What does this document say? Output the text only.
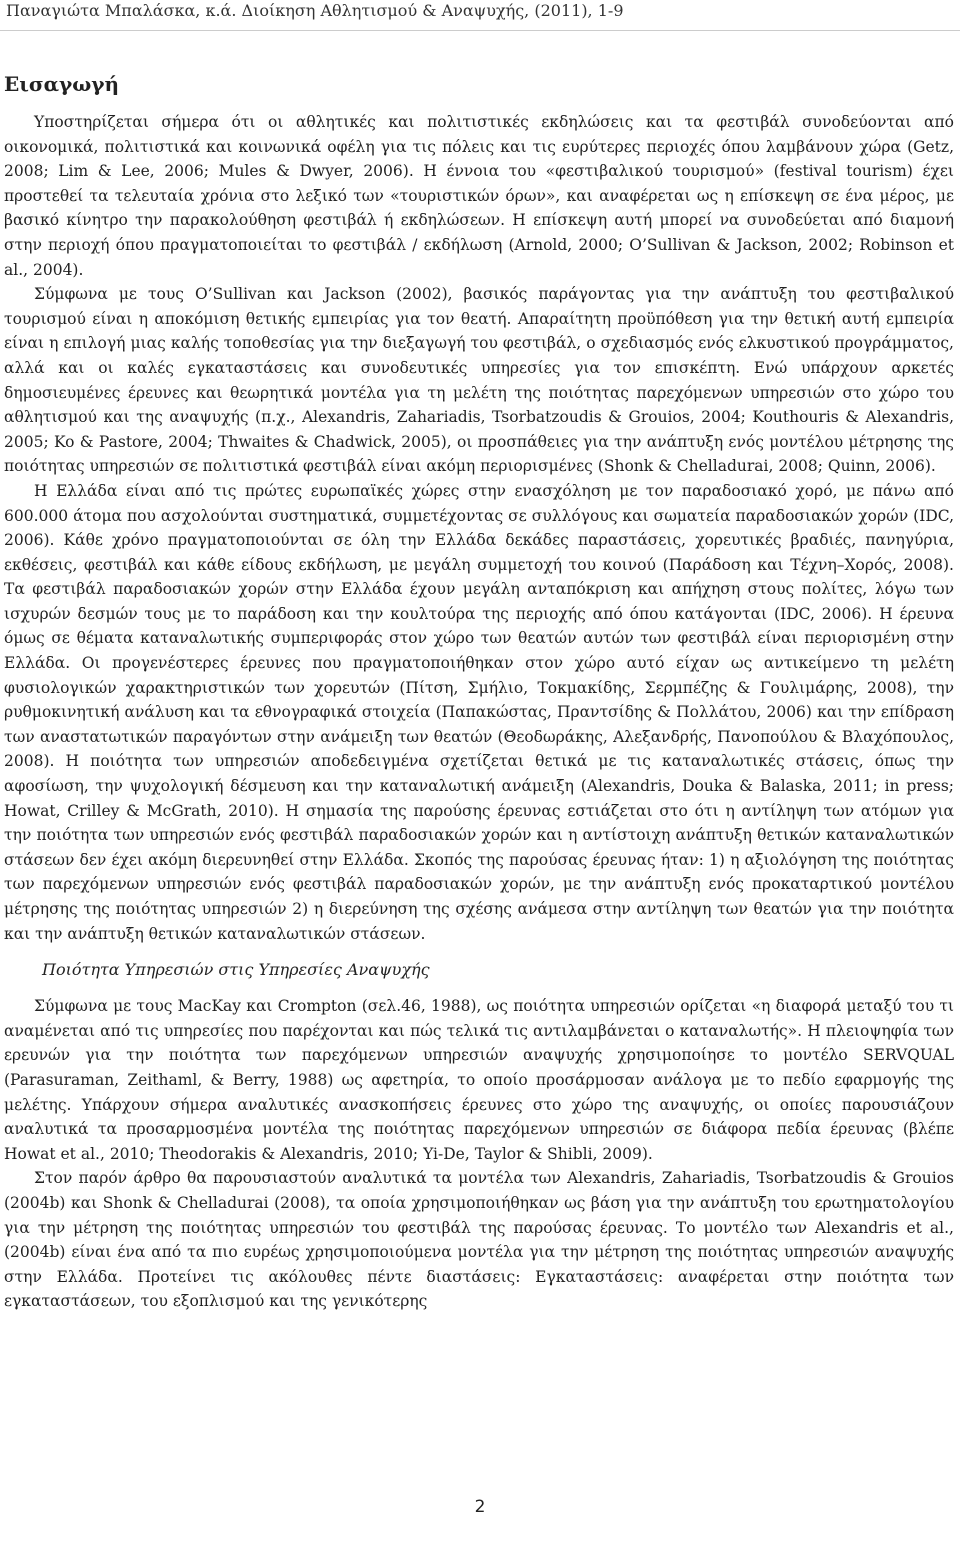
Παναγιώτα Μπαλάσκα, κ.ά. Διοίκηση Αθλητισμού & Αναψυχής, (2011), 1-9
Εισαγωγή

Υποστηρίζεται σήμερα ότι οι αθλητικές και πολιτιστικές εκδηλώσεις και τα φεστιβάλ συνοδεύονται από οικονομικά, πολιτιστικά και κοινωνικά οφέλη για τις πόλεις και τις ευρύτερες περιοχές όπου λαμβάνουν χώρα (Getz, 2008; Lim & Lee, 2006; Mules & Dwyer, 2006). Η έννοια του «φεστιβαλικού τουρισμού» (festival tourism) έχει προστεθεί τα τελευταία χρόνια στο λεξικό των «τουριστικών όρων», και αναφέρεται ως η επίσκεψη σε ένα μέρος, με βασικό κίνητρο την παρακολούθηση φεστιβάλ ή εκδηλώσεων. Η επίσκεψη αυτή μπορεί να συνοδεύεται από διαμονή στην περιοχή όπου πραγματοποιείται το φεστιβάλ / εκδήλωση (Arnold, 2000; O’Sullivan & Jackson, 2002; Robinson et al., 2004).

Σύμφωνα με τους O’Sullivan και Jackson (2002), βασικός παράγοντας για την ανάπτυξη του φεστιβαλικού τουρισμού είναι η αποκόμιση θετικής εμπειρίας για τον θεατή. Απαραίτητη προϋπόθεση για την θετική αυτή εμπειρία είναι η επιλογή μιας καλής τοποθεσίας για την διεξαγωγή του φεστιβάλ, ο σχεδιασμός ενός ελκυστικού προγράμματος, αλλά και οι καλές εγκαταστάσεις και συνοδευτικές υπηρεσίες για τον επισκέπτη. Ενώ υπάρχουν αρκετές δημοσιευμένες έρευνες και θεωρητικά μοντέλα για τη μελέτη της ποιότητας παρεχόμενων υπηρεσιών στο χώρο του αθλητισμού και της αναψυχής (π.χ., Alexandris, Zahariadis, Tsorbatzoudis & Grouios, 2004; Kouthouris & Alexandris, 2005; Ko & Pastore, 2004; Thwaites & Chadwick, 2005), οι προσπάθειες για την ανάπτυξη ενός μοντέλου μέτρησης της ποιότητας υπηρεσιών σε πολιτιστικά φεστιβάλ είναι ακόμη περιορισμένες (Shonk & Chelladurai, 2008; Quinn, 2006).

Η Ελλάδα είναι από τις πρώτες ευρωπαϊκές χώρες στην ενασχόληση με τον παραδοσιακό χορό, με πάνω από 600.000 άτομα που ασχολούνται συστηματικά, συμμετέχοντας σε συλλόγους και σωματεία παραδοσιακών χορών (IDC, 2006). Κάθε χρόνο πραγματοποιούνται σε όλη την Ελλάδα δεκάδες παραστάσεις, χορευτικές βραδιές, πανηγύρια, εκθέσεις, φεστιβάλ και κάθε είδους εκδήλωση, με μεγάλη συμμετοχή του κοινού (Παράδοση και Τέχνη–Χορός, 2008). Τα φεστιβάλ παραδοσιακών χορών στην Ελλάδα έχουν μεγάλη ανταπόκριση και απήχηση στους πολίτες, λόγω των ισχυρών δεσμών τους με τo παράδοση και την κουλτούρα της περιοχής από όπου κατάγονται (IDC, 2006). Η έρευνα όμως σε θέματα καταναλωτικής συμπεριφοράς στον χώρο των θεατών αυτών των φεστιβάλ είναι περιορισμένη στην Ελλάδα. Οι προγενέστερες έρευνες που πραγματοποιήθηκαν στον χώρο αυτό είχαν ως αντικείμενο τη μελέτη φυσιολογικών χαρακτηριστικών των χορευτών (Πίτση, Σμήλιο, Τοκμακίδης, Σερμπέζης & Γουλιμάρης, 2008), την ρυθμοκινητική ανάλυση και τα εθνογραφικά στοιχεία (Παπακώστας, Πραντσίδης & Πολλάτου, 2006) και την επίδραση των αναστατωτικών παραγόντων στην ανάμειξη των θεατών (Θεοδωράκης, Αλεξανδρής, Πανοπούλου & Βλαχόπουλος, 2008). Η ποιότητα των υπηρεσιών αποδεδειγμένα σχετίζεται θετικά με τις καταναλωτικές στάσεις, όπως την αφοσίωση, την ψυχολογική δέσμευση και την καταναλωτική ανάμειξη (Alexandris, Douka & Balaska, 2011; in press; Howat, Crilley & McGrath, 2010). Η σημασία της παρούσης έρευνας εστιάζεται στο ότι η αντίληψη των ατόμων για την ποιότητα των υπηρεσιών ενός φεστιβάλ παραδοσιακών χορών και η αντίστοιχη ανάπτυξη θετικών καταναλωτικών στάσεων δεν έχει ακόμη διερευνηθεί στην Ελλάδα. Σκοπός της παρούσας έρευνας ήταν: 1) η αξιολόγηση της ποιότητας των παρεχόμενων υπηρεσιών ενός φεστιβάλ παραδοσιακών χορών, με την ανάπτυξη ενός προκαταρτικού μοντέλου μέτρησης της ποιότητας υπηρεσιών 2) η διερεύνηση της σχέσης ανάμεσα στην αντίληψη των θεατών για την ποιότητα και την ανάπτυξη θετικών καταναλωτικών στάσεων.

Ποιότητα Υπηρεσιών στις Υπηρεσίες Αναψυχής

Σύμφωνα με τους MacKay και Crompton (σελ.46, 1988), ως ποιότητα υπηρεσιών ορίζεται «η διαφορά μεταξύ του τι αναμένεται από τις υπηρεσίες που παρέχονται και πώς τελικά τις αντιλαμβάνεται ο καταναλωτής». Η πλειοψηφία των ερευνών για την ποιότητα των παρεχόμενων υπηρεσιών αναψυχής χρησιμοποίησε το μοντέλο SERVQUAL (Parasuraman, Zeithaml, & Berry, 1988) ως αφετηρία, το οποίο προσάρμοσαν ανάλογα με το πεδίο εφαρμογής της μελέτης. Υπάρχουν σήμερα αναλυτικές ανασκοπήσεις έρευνες στο χώρο της αναψυχής, οι οποίες παρουσιάζουν αναλυτικά τα προσαρμοσμένα μοντέλα της ποιότητας παρεχόμενων υπηρεσιών σε διάφορα πεδία έρευνας (βλέπε Howat et al., 2010; Theodorakis & Alexandris, 2010; Yi-De, Taylor & Shibli, 2009).

Στον παρόν άρθρο θα παρουσιαστούν αναλυτικά τα μοντέλα των Alexandris, Zahariadis, Tsorbatzoudis & Grouios (2004b) και Shonk & Chelladurai (2008), τα οποία χρησιμοποιήθηκαν ως βάση για την ανάπτυξη του ερωτηματολογίου για την μέτρηση της ποιότητας υπηρεσιών του φεστιβάλ της παρούσας έρευνας. Το μοντέλο των Alexandris et al., (2004b) είναι ένα από τα πιο ευρέως χρησιμοποιούμενα μοντέλα για την μέτρηση της ποιότητας υπηρεσιών αναψυχής στην Ελλάδα. Προτείνει τις ακόλουθες πέντε διαστάσεις: Εγκαταστάσεις: αναφέρεται στην ποιότητα των εγκαταστάσεων, του εξοπλισμού και της γενικότερης

2
